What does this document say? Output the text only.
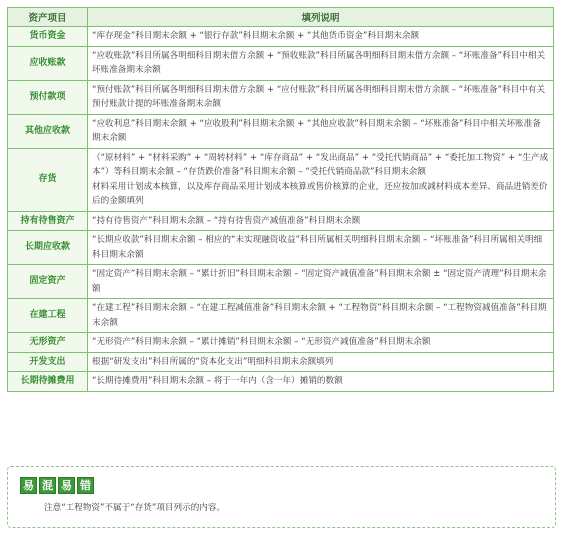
资产项目	填列说明
货币资金	“库存现金”科目期末余额 + “银行存款”科目期末余额 + “其他货币资金”科目期末余额

应收账款	“应收账款”科目所属各明细科目期末借方余额 + “预收账款”科目所属各明细科目期末借方余额 – “坏账准备”科目中相关坏账准备期末余额

预付款项	“预付账款”科目所属各明细科目期末借方余额 + “应付账款”科目所属各明细科目期末借方余额 – “坏账准备”科目中有关预付账款计提的坏账准备期末余额

其他应收款	“应收利息”科目期末余额 + “应收股利”科目期末余额 + “其他应收款”科目期末余额 – “坏账准备”科目中相关坏账准备期末余额

存货	（“原材料” + “材料采购” + “周转材料” + “库存商品” + “发出商品” + “受托代销商品” + “委托加工物资” + “生产成本”）等科目期末余额 – “存货跌价准备”科目期末余额 – “受托代销商品款”科目期末余额

材料采用计划成本核算，以及库存商品采用计划成本核算或售价核算的企业，还应按加或减材料成本差异、商品进销差价后的金额填列

持有待售资产	“持有待售资产”科目期末余额 – “持有待售资产减值准备”科目期末余额

长期应收款	“长期应收款”科目期末余额 – 相应的“未实现融资收益”科目所属相关明细科目期末余额 – “坏账准备”科目所属相关明细科目期末余额

固定资产	“固定资产”科目期末余额 – “累计折旧”科目期末余额 – “固定资产减值准备”科目期末余额 ± “固定资产清理”科目期末余额

在建工程	“在建工程”科目期末余额 – “在建工程减值准备”科目期末余额 + “工程物资”科目期末余额 – “工程物资减值准备”科目期末余额

无形资产	“无形资产”科目期末余额 – “累计摊销”科目期末余额 – “无形资产减值准备”科目期末余额

开发支出	根据“研发支出”科目所属的“资本化支出”明细科目期末余额填列

长期待摊费用	“长期待摊费用”科目期末余额 – 将于一年内（含一年）摊销的数额

易 混 易 错
注意“工程物资”不属于“存货”项目列示的内容。
